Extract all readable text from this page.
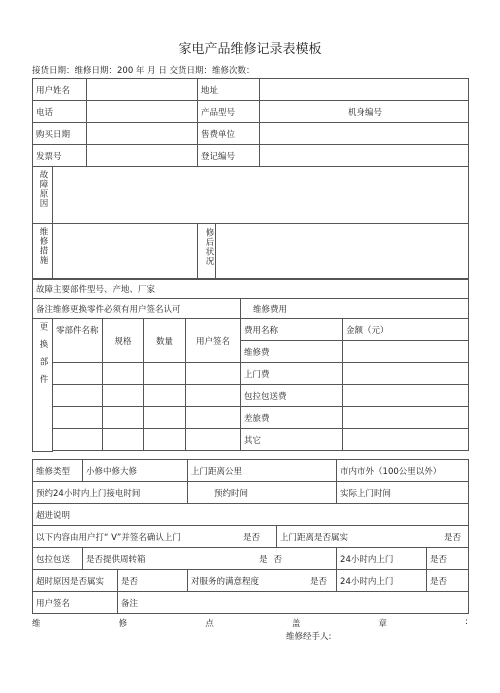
家电产品维修记录表模板
接货日期：维修日期：200 年 月 日 交货日期：维修次数：
用户姓名			地址	
电话			产品型号	机身编号
购买日期			售费单位	
发票号			登记编号	
故障原因				
维修措施			修后状况	
故障主要部件型号、产地、厂家						
备注维修更换零件必须有用户签名认可					维修费用	
更换部件	零部件名称	规格	数量	用户签名	费用名称	金额（元）
					维修费	
					上门费	
					包拉包送费	
					差旅费	
					其它	

维修类型	小修中修大修		上门距离公里		市内市外（100公里以外）	
预约24小时内上门接电时间			预约时间		实际上门时间	
超进说明						
以下内容由用户打“ V”并签名确认上门 是否				上门距离是否属实 是否		

包拉包送	是否提供周转箱 是否				24小时内上门	是否
超时原因是否属实		是否	对服务的满意程度 是否		24小时内上门	是否
用户签名		备注				
维	修	点	盖	章	:
维修经手人:
